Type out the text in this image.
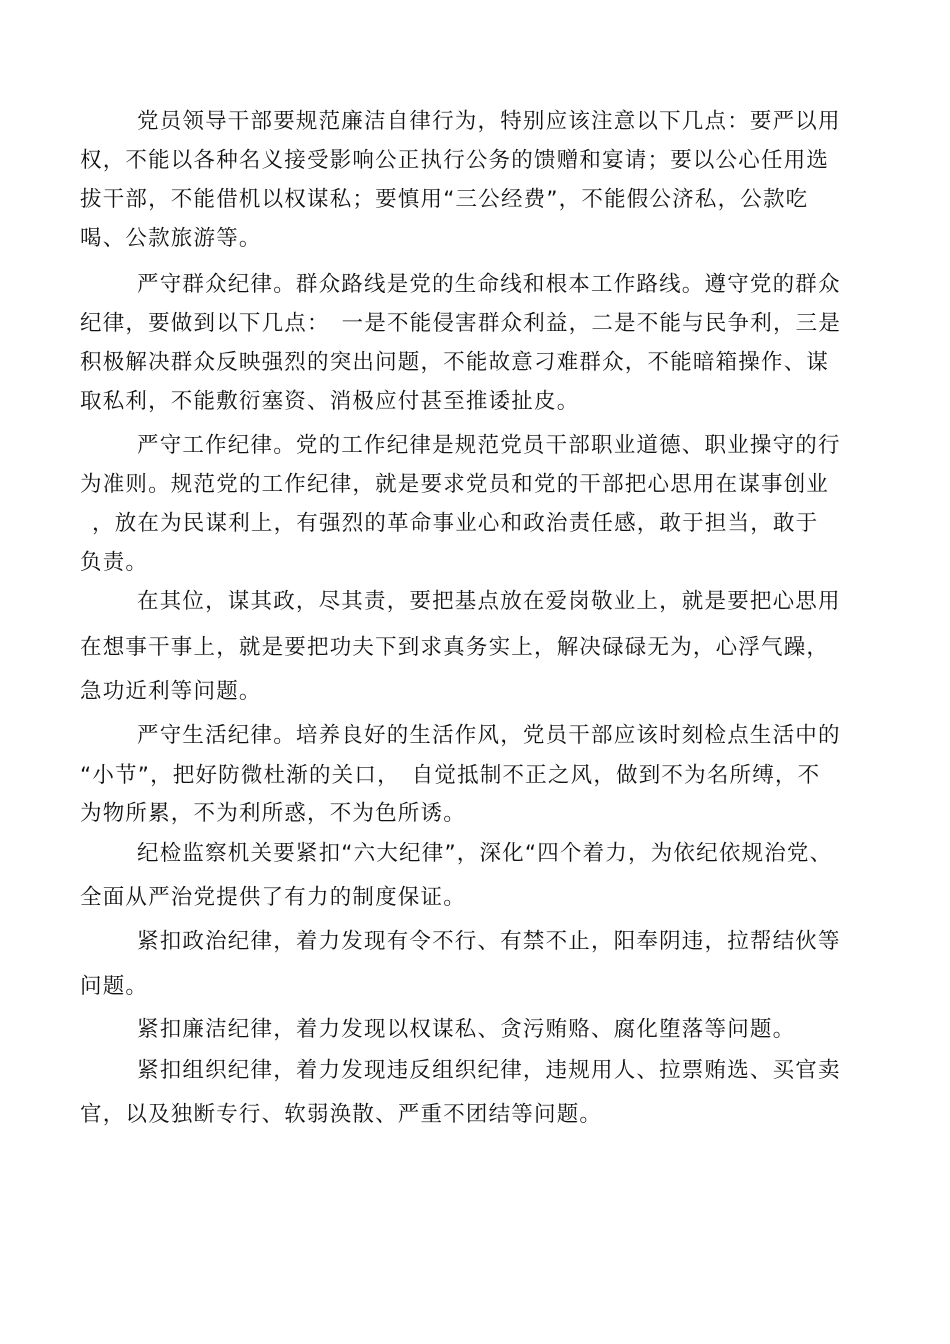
党员领导干部要规范廉洁自律行为，特别应该注意以下几点：要严以用
权，不能以各种名义接受影响公正执行公务的馈赠和宴请；要以公心任用选
拔干部，不能借机以权谋私；要慎用“三公经费”，不能假公济私，公款吃
喝、公款旅游等。
严守群众纪律。群众路线是党的生命线和根本工作路线。遵守党的群众
纪律，要做到以下几点：　一是不能侵害群众利益，二是不能与民争利，三是
积极解决群众反映强烈的突出问题，不能故意刁难群众，不能暗箱操作、谋
取私利，不能敷衍塞资、消极应付甚至推诿扯皮。
严守工作纪律。党的工作纪律是规范党员干部职业道德、职业操守的行
为准则。规范党的工作纪律，就是要求党员和党的干部把心思用在谋事创业
，放在为民谋利上，有强烈的革命事业心和政治责任感，敢于担当，敢于
负责。
在其位，谋其政，尽其责，要把基点放在爱岗敬业上，就是要把心思用
在想事干事上，就是要把功夫下到求真务实上，解决碌碌无为，心浮气躁，
急功近利等问题。
严守生活纪律。培养良好的生活作风，党员干部应该时刻检点生活中的
“小节”，把好防微杜渐的关口，　自觉抵制不正之风，做到不为名所缚，不
为物所累，不为利所惑，不为色所诱。
纪检监察机关要紧扣“六大纪律”，深化“四个着力，为依纪依规治党、
全面从严治党提供了有力的制度保证。
紧扣政治纪律，着力发现有令不行、有禁不止，阳奉阴违，拉帮结伙等
问题。
紧扣廉洁纪律，着力发现以权谋私、贪污贿赂、腐化堕落等问题。
紧扣组织纪律，着力发现违反组织纪律，违规用人、拉票贿选、买官卖
官，以及独断专行、软弱涣散、严重不团结等问题。
